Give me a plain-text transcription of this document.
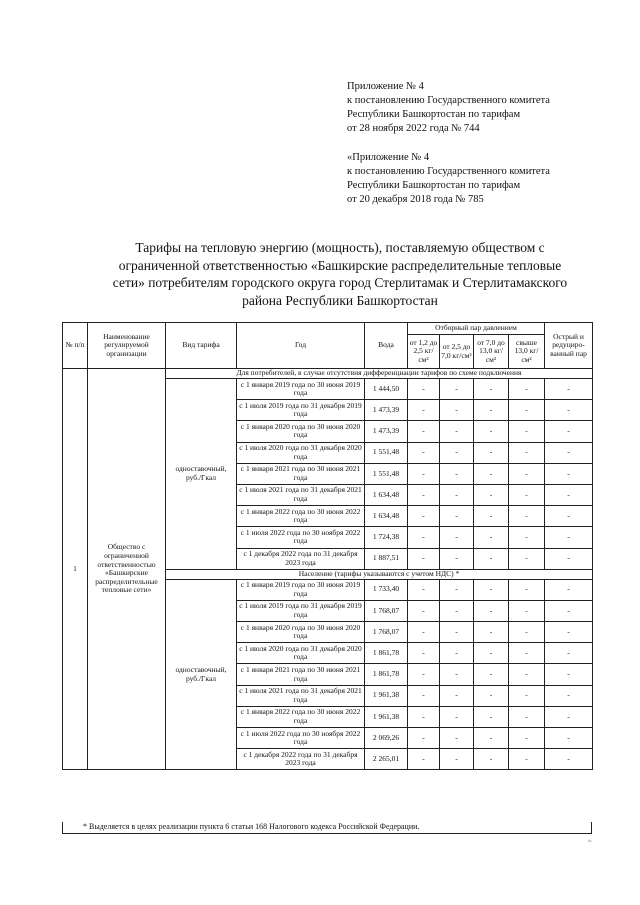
Приложение № 4
к постановлению Государственного комитета
Республики Башкортостан по тарифам
от 28 ноября 2022 года № 744
«Приложение № 4
к постановлению Государственного комитета
Республики Башкортостан по тарифам
от 20 декабря 2018 года № 785
Тарифы на тепловую энергию (мощность), поставляемую обществом с
ограниченной ответственностью «Башкирские распределительные тепловые
сети» потребителям городского округа город Стерлитамак и Стерлитамакского
района Республики Башкортостан
№ п/п	Наименование регулируемой организации	Вид тарифа	Год	Вода	Отборный пар давлением				Острый и редуциро-ванный пар
					от 1,2 до 2,5 кг/см²	от 2,5 до 7,0 кг/см²	от 7,0 до 13,0 кг/см²	свыше 13,0 кг/см²	
1	Общество с ограниченной ответственностью «Башкирские распределительные тепловые сети»	Для потребителей, в случае отсутствия дифференциации тарифов по схеме подключения							
		одноставочный, руб./Гкал	с 1 января 2019 года по 30 июня 2019 года	1 444,50	-	-	-	-	-
			с 1 июля 2019 года по 31 декабря 2019 года	1 473,39	-	-	-	-	-
			с 1 января 2020 года по 30 июня 2020 года	1 473,39	-	-	-	-	-
			с 1 июля 2020 года по 31 декабря 2020 года	1 551,48	-	-	-	-	-
			с 1 января 2021 года по 30 июня 2021 года	1 551,48	-	-	-	-	-
			с 1 июля 2021 года по 31 декабря 2021 года	1 634,48	-	-	-	-	-
			с 1 января 2022 года по 30 июня 2022 года	1 634,48	-	-	-	-	-
			с 1 июля 2022 года по 30 ноября 2022 года	1 724,38	-	-	-	-	-
			с 1 декабря 2022 года по 31 декабря 2023 года	1 887,51	-	-	-	-	-
		Население (тарифы указываются с учетом НДС) *							
		одноставочный, руб./Гкал	с 1 января 2019 года по 30 июня 2019 года	1 733,40	-	-	-	-	-
			с 1 июля 2019 года по 31 декабря 2019 года	1 768,07	-	-	-	-	-
			с 1 января 2020 года по 30 июня 2020 года	1 768,07	-	-	-	-	-
			с 1 июля 2020 года по 31 декабря 2020 года	1 861,78	-	-	-	-	-
			с 1 января 2021 года по 30 июня 2021 года	1 861,78	-	-	-	-	-
			с 1 июля 2021 года по 31 декабря 2021 года	1 961,38	-	-	-	-	-
			с 1 января 2022 года по 30 июня 2022 года	1 961,38	-	-	-	-	-
			с 1 июля 2022 года по 30 ноября 2022 года	2 069,26	-	-	-	-	-
			с 1 декабря 2022 года по 31 декабря 2023 года	2 265,01	-	-	-	-	-
* Выделяется в целях реализации пункта 6 статьи 168 Налогового кодекса Российской Федерации.
».
